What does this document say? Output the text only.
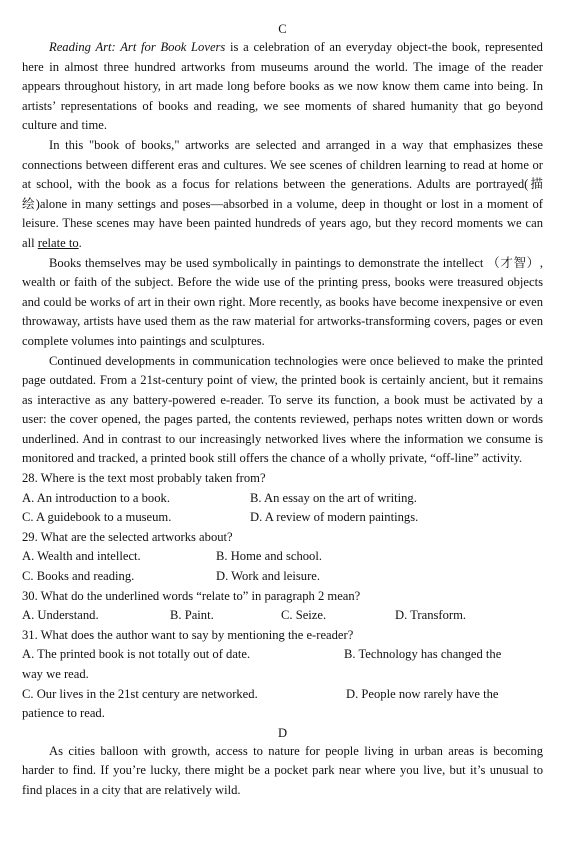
C

Reading Art: Art for Book Lovers is a celebration of an everyday object-the book, represented here in almost three hundred artworks from museums around the world. The image of the reader appears throughout history, in art made long before books as we now know them came into being. In artists’ representations of books and reading, we see moments of shared humanity that go beyond culture and time.

In this "book of books," artworks are selected and arranged in a way that emphasizes these connections between different eras and cultures. We see scenes of children learning to read at home or at school, with the book as a focus for relations between the generations. Adults are portrayed(描绘)alone in many settings and poses—absorbed in a volume, deep in thought or lost in a moment of leisure. These scenes may have been painted hundreds of years ago, but they record moments we can all relate to.

Books themselves may be used symbolically in paintings to demonstrate the intellect （才智）, wealth or faith of the subject. Before the wide use of the printing press, books were treasured objects and could be works of art in their own right. More recently, as books have become inexpensive or even throwaway, artists have used them as the raw material for artworks-transforming covers, pages or even complete volumes into paintings and sculptures.

Continued developments in communication technologies were once believed to make the printed page outdated. From a 21st-century point of view, the printed book is certainly ancient, but it remains as interactive as any battery-powered e-reader. To serve its function, a book must be activated by a user: the cover opened, the pages parted, the contents reviewed, perhaps notes written down or words underlined. And in contrast to our increasingly networked lives where the information we consume is monitored and tracked, a printed book still offers the chance of a wholly private, “off-line” activity.

28. Where is the text most probably taken from?

A. An introduction to a book.	B. An essay on the art of writing.
C. A guidebook to a museum.	D. A review of modern paintings.

29. What are the selected artworks about?

A. Wealth and intellect.	B. Home and school.
C. Books and reading.	D. Work and leisure.

30. What do the underlined words “relate to” in paragraph 2 mean?

A. Understand.	B. Paint.	C. Seize.	D. Transform.

31. What does the author want to say by mentioning the e-reader?

A. The printed book is not totally out of date.	B. Technology has changed the

way we read.

C. Our lives in the 21st century are networked.	D. People now rarely have the

patience to read.

D

As cities balloon with growth, access to nature for people living in urban areas is becoming harder to find. If you’re lucky, there might be a pocket park near where you live, but it’s unusual to find places in a city that are relatively wild.
